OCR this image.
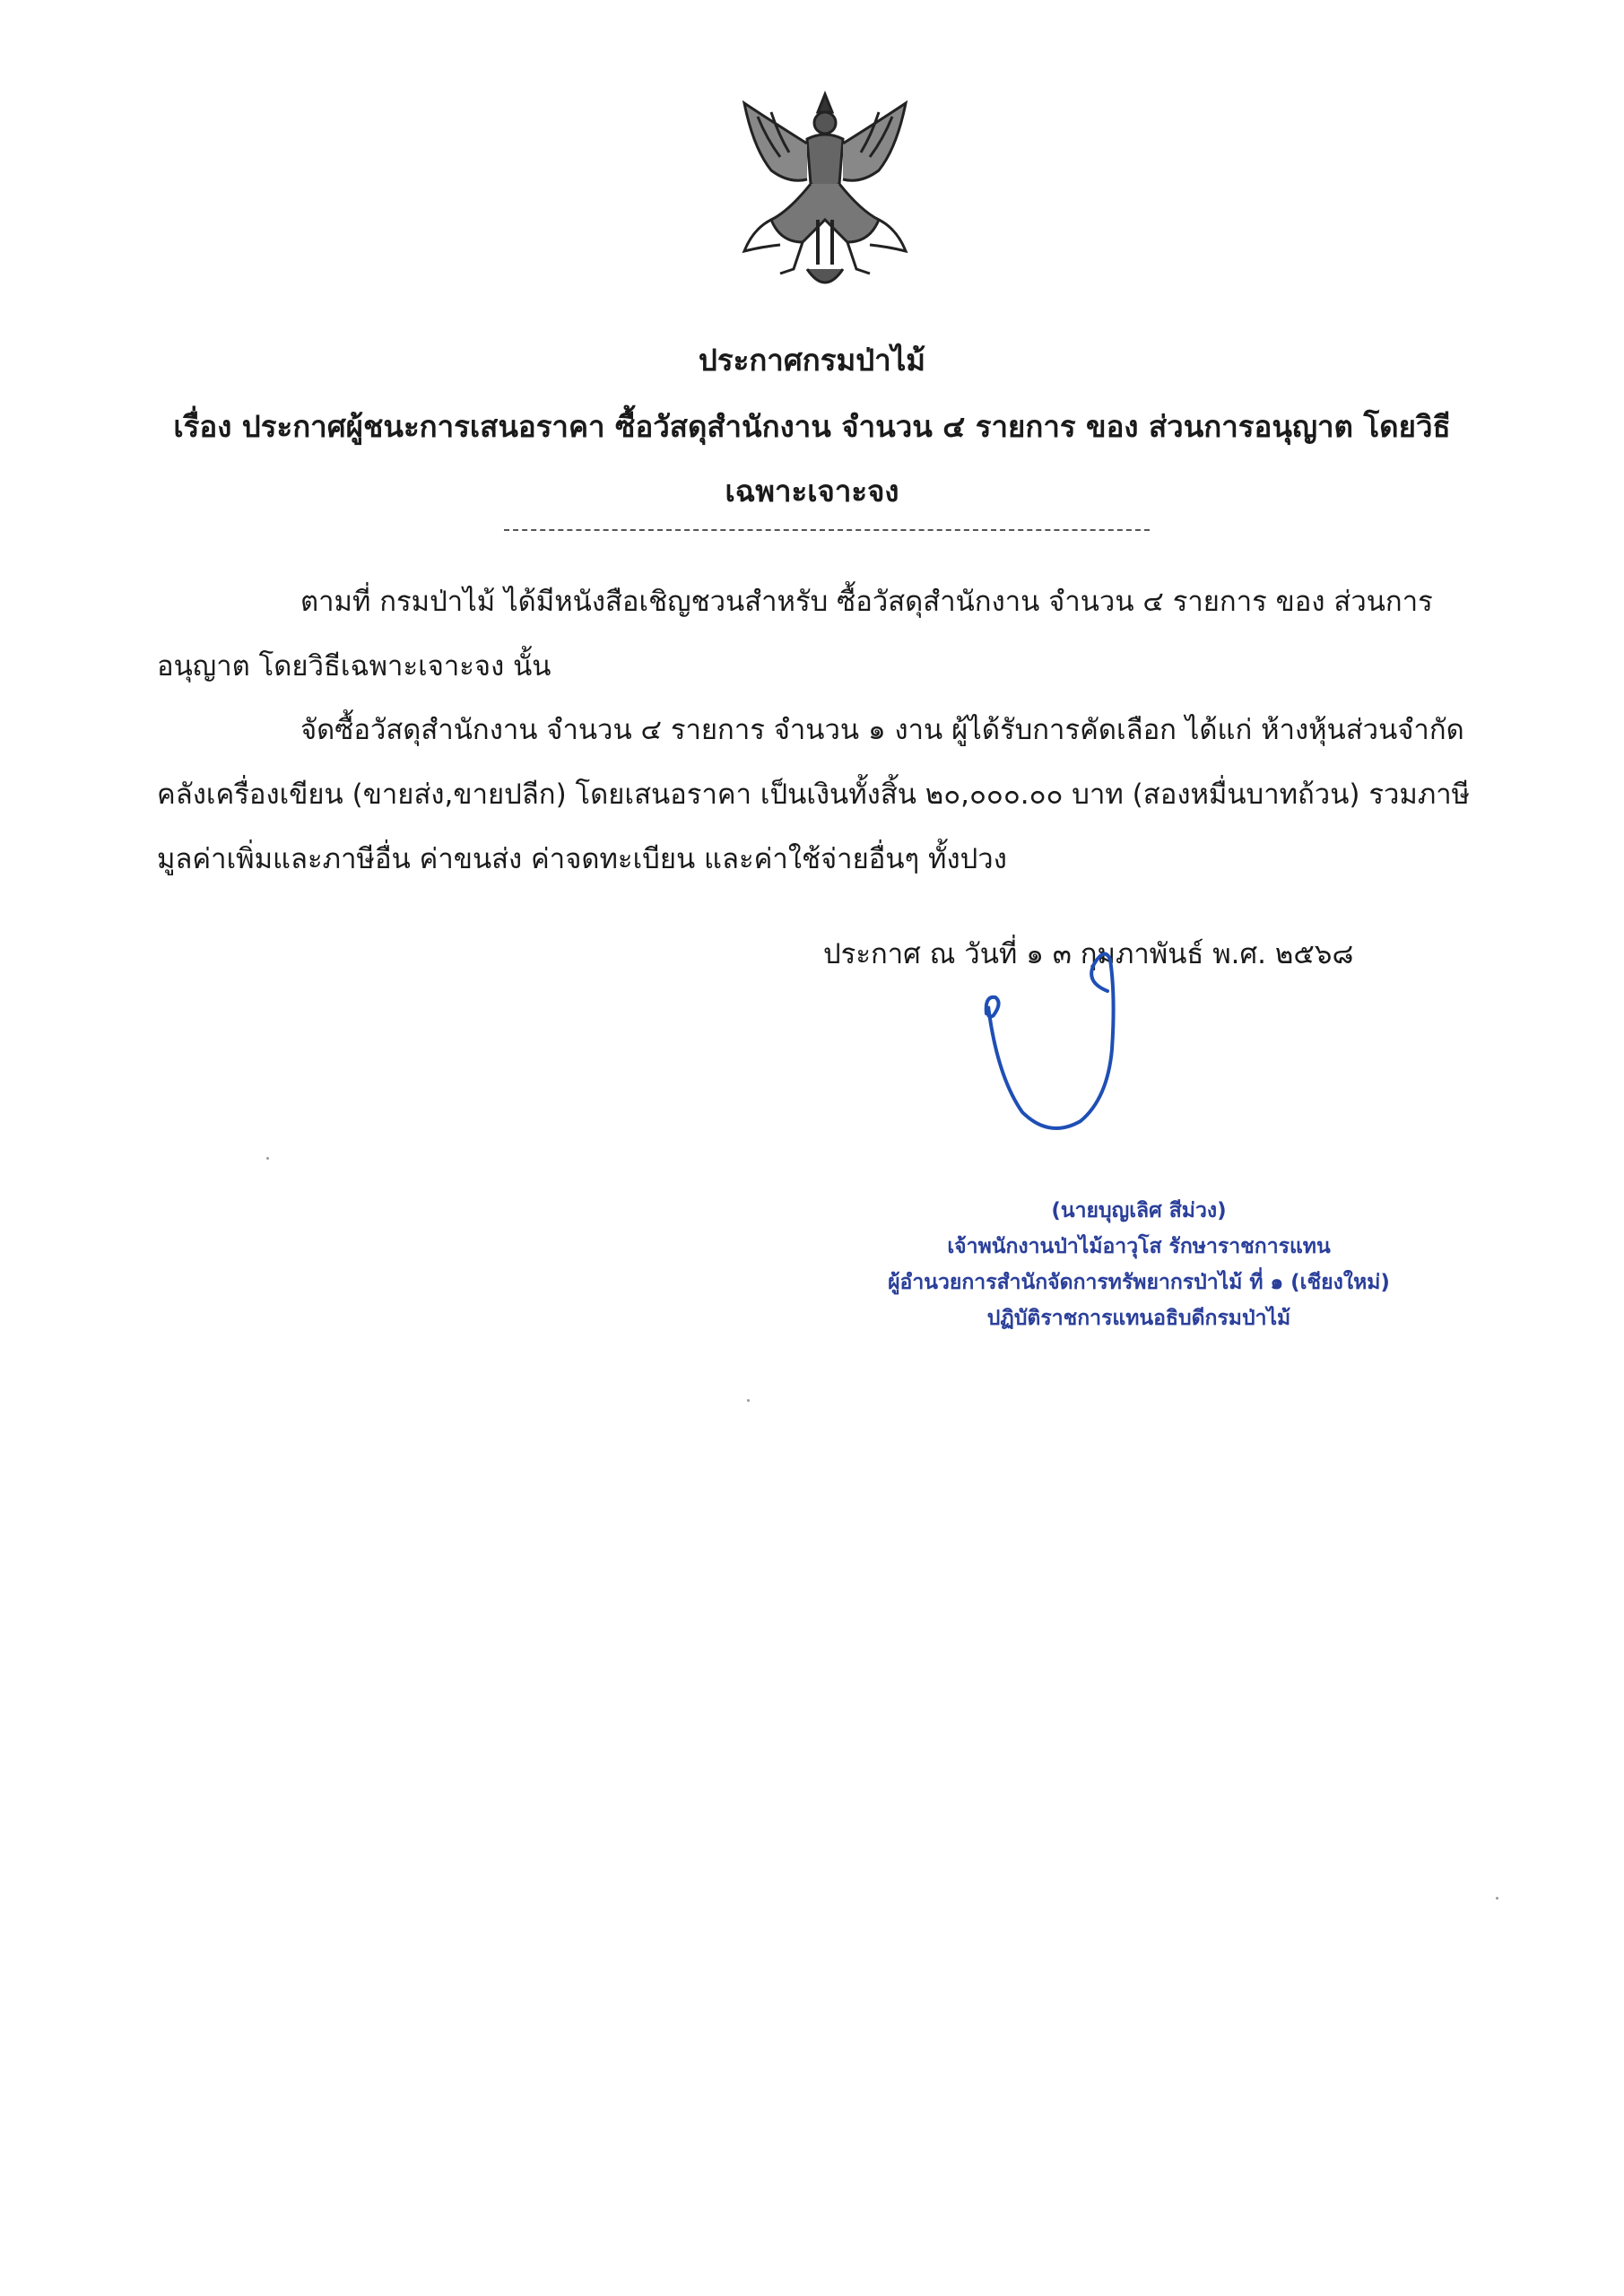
ประกาศกรมป่าไม้
เรื่อง ประกาศผู้ชนะการเสนอราคา ซื้อวัสดุสำนักงาน จำนวน ๔ รายการ ของ ส่วนการอนุญาต โดยวิธีเฉพาะเจาะจง
ตามที่ กรมป่าไม้ ได้มีหนังสือเชิญชวนสำหรับ ซื้อวัสดุสำนักงาน จำนวน ๔ รายการ ของ ส่วนการอนุญาต โดยวิธีเฉพาะเจาะจง นั้น
จัดซื้อวัสดุสำนักงาน จำนวน ๔ รายการ จำนวน ๑ งาน ผู้ได้รับการคัดเลือก ได้แก่ ห้างหุ้นส่วนจำกัด คลังเครื่องเขียน (ขายส่ง,ขายปลีก) โดยเสนอราคา เป็นเงินทั้งสิ้น ๒๐,๐๐๐.๐๐ บาท (สองหมื่นบาทถ้วน) รวมภาษีมูลค่าเพิ่มและภาษีอื่น ค่าขนส่ง ค่าจดทะเบียน และค่าใช้จ่ายอื่นๆ ทั้งปวง
ประกาศ ณ วันที่ ๑ ๓ กุมภาพันธ์ พ.ศ. ๒๕๖๘
(นายบุญเลิศ สีม่วง)
เจ้าพนักงานป่าไม้อาวุโส รักษาราชการแทน
ผู้อำนวยการสำนักจัดการทรัพยากรป่าไม้ ที่ ๑ (เชียงใหม่)
ปฏิบัติราชการแทนอธิบดีกรมป่าไม้
